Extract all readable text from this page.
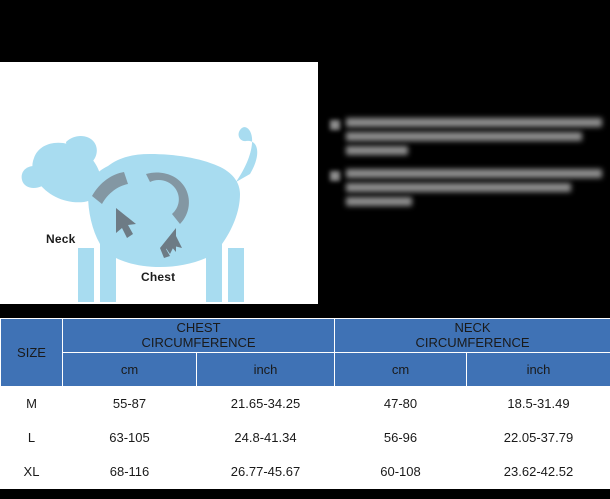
Neck
Chest
SIZE	
CHEST
CIRCUMFERENCE

NECK
CIRCUMFERENCE

	cm	inch	cm	inch
M	55-87	21.65-34.25	47-80	18.5-31.49
L	63-105	24.8-41.34	56-96	22.05-37.79
XL	68-116	26.77-45.67	60-108	23.62-42.52
